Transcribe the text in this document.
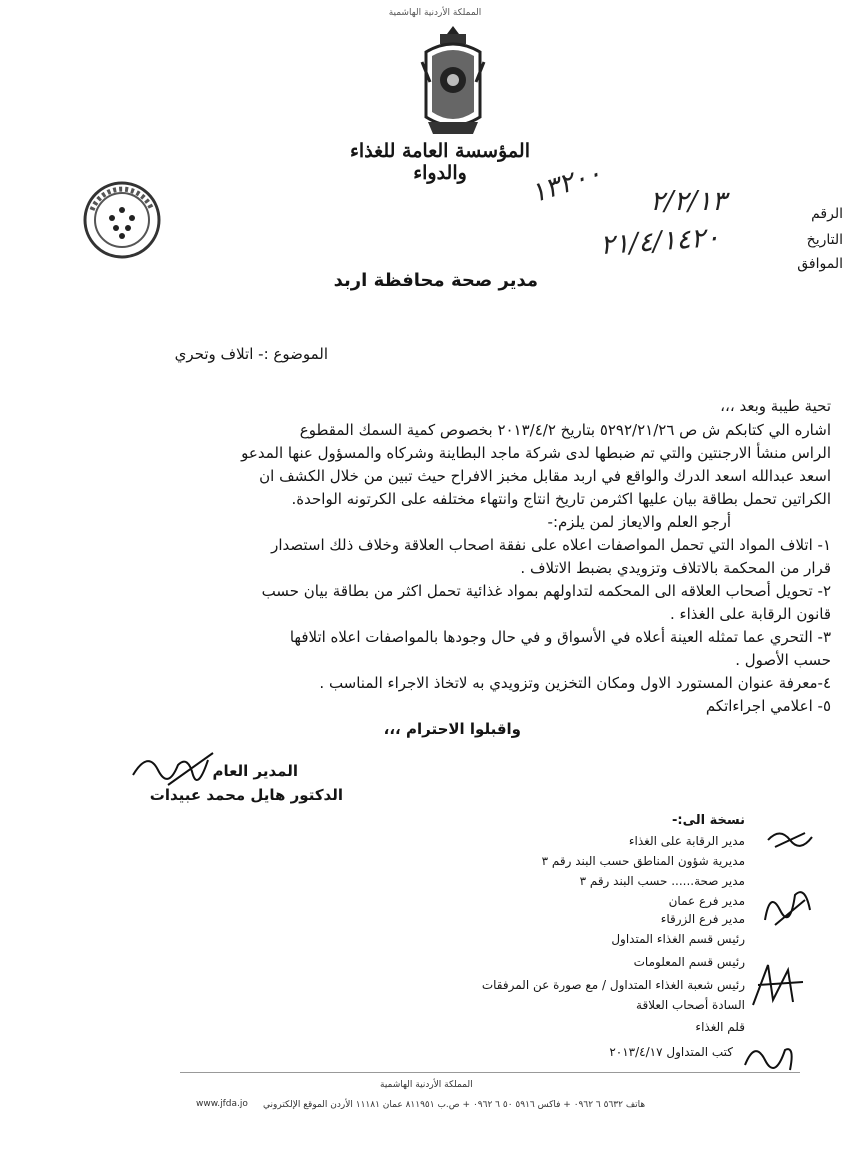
المملكة الأردنية الهاشمية
المؤسسة العامة للغذاء والدواء
الرقم
التاريخ
الموافق
١٣٢٠٠ ٢/٢/١٣
٢١/٤/١٤٢٠
مدير صحة محافظة اربد
الموضوع :- اتلاف وتحري
تحية طيبة وبعد ،،،
اشاره الي كتابكم ش ص ٥٢٩٢/٢١/٢٦ بتاريخ ٢٠١٣/٤/٢ بخصوص كمية السمك المقطوع
الراس منشأ الارجنتين والتي تم ضبطها لدى شركة ماجد البطاينة وشركاه والمسؤول عنها المدعو
اسعد عبدالله اسعد الدرك والواقع في اربد مقابل مخبز الافراح حيث تبين من خلال الكشف ان
الكراتين تحمل بطاقة بيان عليها اكثرمن تاريخ انتاج وانتهاء مختلفه على الكرتونه الواحدة.
أرجو العلم والايعاز لمن يلزم:-
١- اتلاف المواد التي تحمل المواصفات اعلاه على نفقة اصحاب العلاقة وخلاف ذلك استصدار
قرار من المحكمة بالاتلاف وتزويدي بضبط الاتلاف .
٢- تحويل أصحاب العلاقه الى المحكمه لتداولهم بمواد غذائية تحمل اكثر من بطاقة بيان حسب
قانون الرقابة على الغذاء .
٣- التحري عما تمثله العينة أعلاه في الأسواق و في حال وجودها بالمواصفات اعلاه اتلافها
حسب الأصول .
٤-معرفة عنوان المستورد الاول ومكان التخزين وتزويدي به لاتخاذ الاجراء المناسب .
٥- اعلامي اجراءاتكم
واقبلوا الاحترام ،،،
المدير العام
الدكتور هايل محمد عبيدات
نسخة الى:-
مدير الرقابة على الغذاء
مديرية شؤون المناطق حسب البند رقم ٣
مدير صحة...... حسب البند رقم ٣
مدير فرع عمان
مدير فرع الزرقاء
رئيس قسم الغذاء المتداول
رئيس قسم المعلومات
رئيس شعبة الغذاء المتداول / مع صورة عن المرفقات
السادة أصحاب العلاقة
قلم الغذاء
كتب المتداول ٢٠١٣/٤/١٧
المملكة الأردنية الهاشمية
هاتف ٥٦٣٢ ٦ ٠٩٦٢ + فاكس ٥٩١٦ ٥٠ ٦ ٠٩٦٢ + ص.ب ٨١١٩٥١ عمان ١١١٨١ الأردن الموقع الإلكتروني
www.jfda.jo
